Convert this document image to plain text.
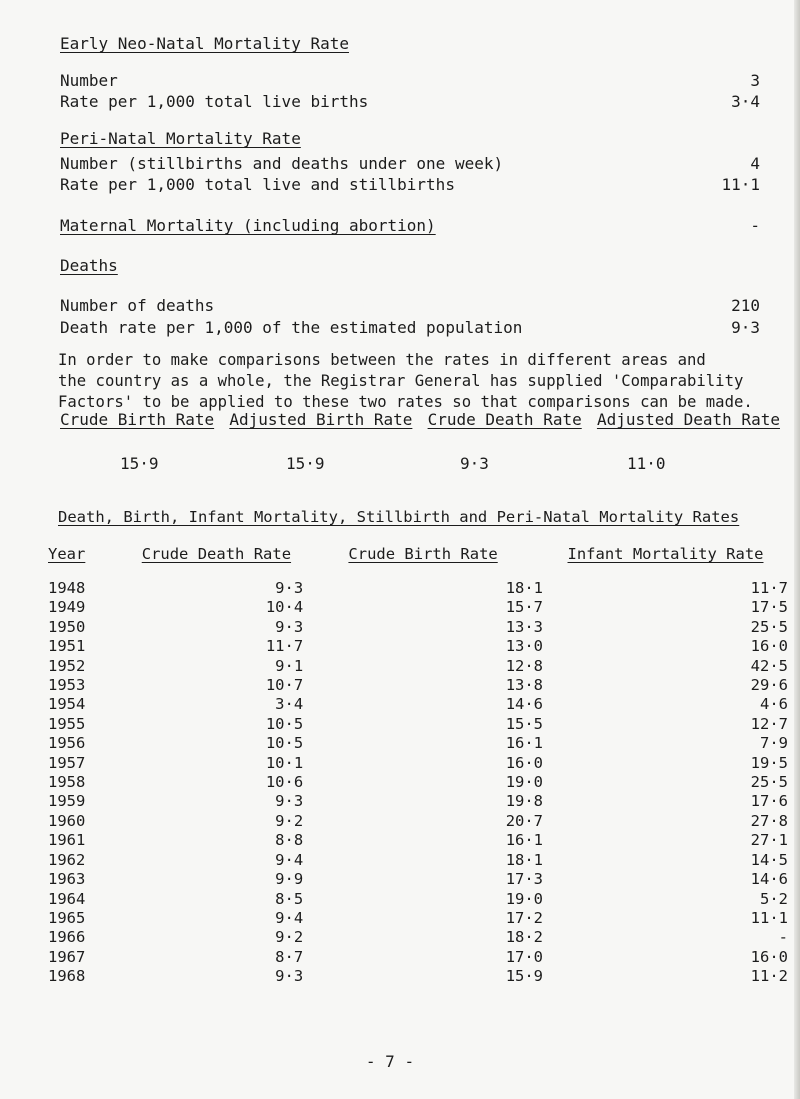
Early Neo-Natal Mortality Rate
Number	3
Rate per 1,000 total live births	3·4
Peri-Natal Mortality Rate
Number (stillbirths and deaths under one week)	4
Rate per 1,000 total live and stillbirths	11·1
Maternal Mortality (including abortion)	-
Deaths
Number of deaths	210
Death rate per 1,000 of the estimated population	9·3
In order to make comparisons between the rates in different areas and
the country as a whole, the Registrar General has supplied 'Comparability
Factors' to be applied to these two rates so that comparisons can be made.
Crude Birth Rate Adjusted Birth Rate Crude Death Rate Adjusted Death Rate
15·9	15·9	9·3	11·0
Death, Birth, Infant Mortality, Stillbirth and Peri-Natal Mortality Rates
Year	Crude Death Rate	Crude Birth Rate	Infant Mortality Rate
1948	9·3	18·1	11·7
1949	10·4	15·7	17·5
1950	9·3	13·3	25·5
1951	11·7	13·0	16·0
1952	9·1	12·8	42·5
1953	10·7	13·8	29·6
1954	3·4	14·6	4·6
1955	10·5	15·5	12·7
1956	10·5	16·1	7·9
1957	10·1	16·0	19·5
1958	10·6	19·0	25·5
1959	9·3	19·8	17·6
1960	9·2	20·7	27·8
1961	8·8	16·1	27·1
1962	9·4	18·1	14·5
1963	9·9	17·3	14·6
1964	8·5	19·0	5·2
1965	9·4	17·2	11·1
1966	9·2	18·2	-
1967	8·7	17·0	16·0
1968	9·3	15·9	11·2
- 7 -
